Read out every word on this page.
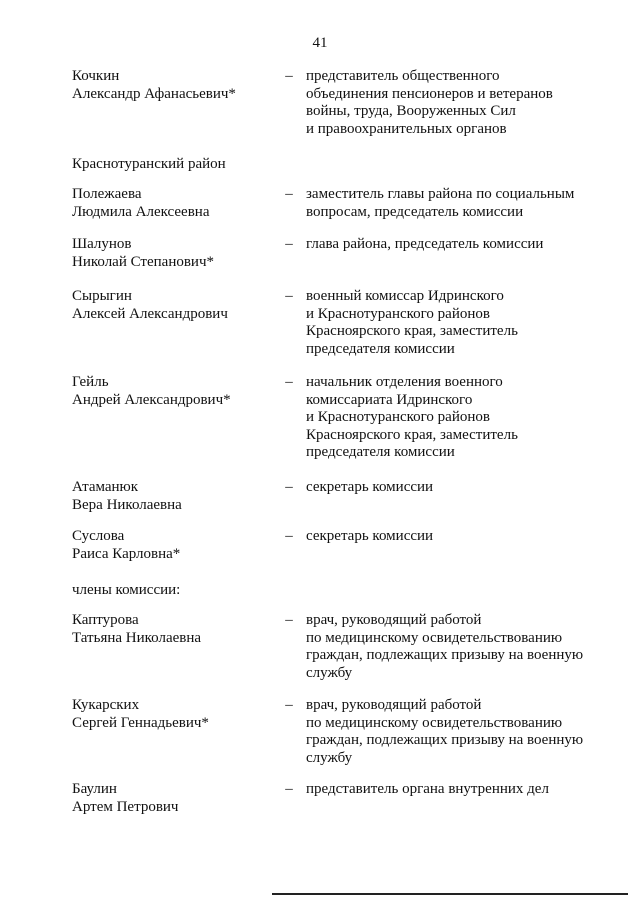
41
Кочкин
Александр Афанасьевич*
– представитель общественного
объединения пенсионеров и ветеранов
войны, труда, Вооруженных Сил
и правоохранительных органов
Краснотуранский район
Полежаева
Людмила Алексеевна
– заместитель главы района по социальным
вопросам, председатель комиссии
Шалунов
Николай Степанович*
– глава района, председатель комиссии
Сырыгин
Алексей Александрович
– военный комиссар Идринского
и Краснотуранского районов
Красноярского края, заместитель
председателя комиссии
Гейль
Андрей Александрович*
– начальник отделения военного
комиссариата Идринского
и Краснотуранского районов
Красноярского края, заместитель
председателя комиссии
Атаманюк
Вера Николаевна
– секретарь комиссии
Суслова
Раиса Карловна*
– секретарь комиссии
члены комиссии:
Каптурова
Татьяна Николаевна
– врач, руководящий работой
по медицинскому освидетельствованию
граждан, подлежащих призыву на военную
службу
Кукарских
Сергей Геннадьевич*
– врач, руководящий работой
по медицинскому освидетельствованию
граждан, подлежащих призыву на военную
службу
Баулин
Артем Петрович
– представитель органа внутренних дел
